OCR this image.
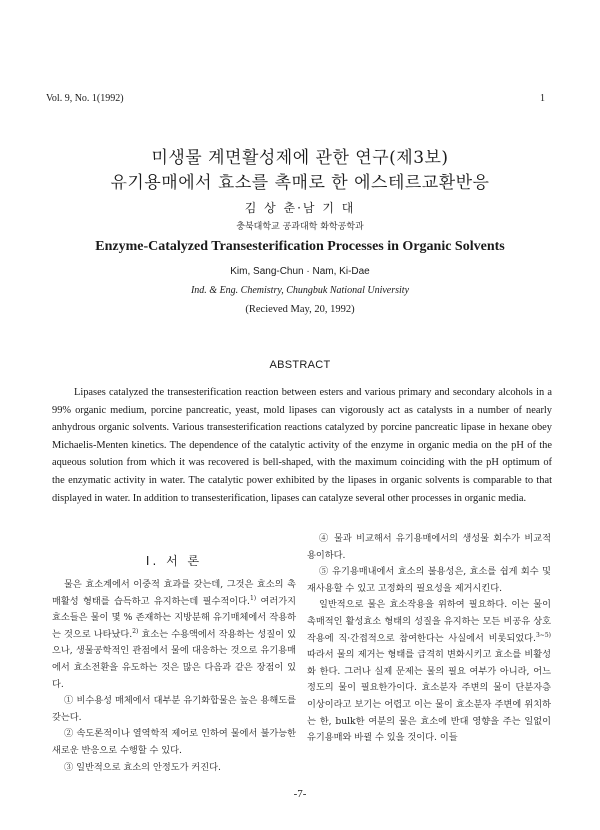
Vol. 9, No. 1(1992)	1
미생물 계면활성제에 관한 연구(제3보)
유기용매에서 효소를 촉매로 한 에스테르교환반응
김 상 춘·남 기 대
충북대학교 공과대학 화학공학과
Enzyme-Catalyzed Transesterification Processes in Organic Solvents
Kim, Sang-Chun · Nam, Ki-Dae
Ind. & Eng. Chemistry, Chungbuk National University
(Recieved May, 20, 1992)
ABSTRACT

Lipases catalyzed the transesterification reaction between esters and various primary and secondary alcohols in a 99% organic medium, porcine pancreatic, yeast, mold lipases can vigorously act as catalysts in a number of nearly anhydrous organic solvents. Various transesterification reactions catalyzed by porcine pancreatic lipase in hexane obey Michaelis-Menten kinetics. The dependence of the catalytic activity of the enzyme in organic media on the pH of the aqueous solution from which it was recovered is bell-shaped, with the maximum coinciding with the pH optimum of the enzymatic activity in water. The catalytic power exhibited by the lipases in organic solvents is comparable to that displayed in water. In addition to transesterification, lipases can catalyze several other processes in organic media.

I. 서 론

물은 효소계에서 이중적 효과를 갖는데, 그것은 효소의 촉매활성 형태를 습득하고 유지하는데 필수적이다.$^{1)}$ 여러가지 효소들은 물이 몇 % 존재하는 지방분해 유기매체에서 작용하는 것으로 나타났다.$^{2)}$ 효소는 수용액에서 작용하는 성질이 있으나, 생물공학적인 관점에서 물에 대응하는 것으로 유기용매에서 효소전환을 유도하는 것은 많은 다음과 같은 장점이 있다.

① 비수용성 매체에서 대부분 유기화합물은 높은 용해도를 갖는다.

② 속도론적이나 열역학적 제어로 인하여 물에서 불가능한 새로운 반응으로 수행할 수 있다.

③ 일반적으로 효소의 안정도가 커진다.

④ 물과 비교해서 유기용매에서의 생성물 회수가 비교적 용이하다.

⑤ 유기용매내에서 효소의 불용성은, 효소를 쉽게 회수 및 재사용할 수 있고 고정화의 필요성을 제거시킨다.

일반적으로 물은 효소작용을 위하여 필요하다. 이는 물이 촉매적인 활성효소 형태의 성질을 유지하는 모든 비공유 상호작용에 직·간접적으로 참여한다는 사실에서 비롯되었다.$^{3\sim 5)}$ 따라서 물의 제거는 형태를 급격히 변화시키고 효소를 비활성화 한다. 그러나 실제 문제는 물의 필요 여부가 아니라, 어느 정도의 물이 필요한가이다. 효소분자 주변의 물이 단분자층 이상이라고 보기는 어렵고 이는 물이 효소분자 주변에 위치하는 한, bulk한 여분의 물은 효소에 반대 영향을 주는 일없이 유기용매와 바뀔 수 있을 것이다. 이들

-7-
